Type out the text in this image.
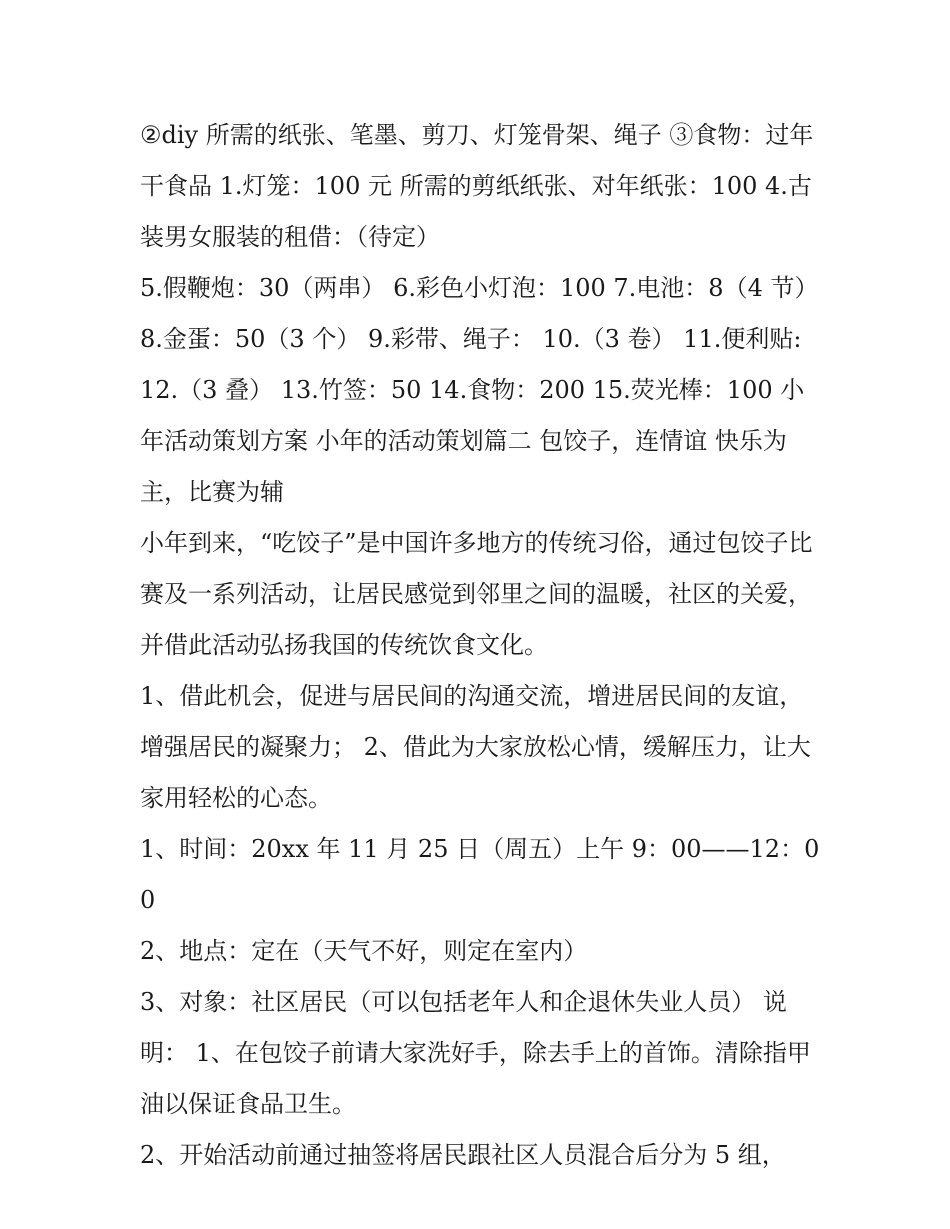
②diy 所需的纸张、笔墨、剪刀、灯笼骨架、绳子 ③食物：过年干食品 1.灯笼：100 元 所需的剪纸纸张、对年纸张：100 4.古装男女服装的租借：（待定）

5.假鞭炮：30（两串） 6.彩色小灯泡：100 7.电池：8（4 节）

8.金蛋：50（3 个） 9.彩带、绳子： 10.（3 卷） 11.便利贴:

12.（3 叠） 13.竹签：50 14.食物：200 15.荧光棒：100 小年活动策划方案 小年的活动策划篇二 包饺子，连情谊 快乐为主，比赛为辅

小年到来，“吃饺子”是中国许多地方的传统习俗，通过包饺子比赛及一系列活动，让居民感觉到邻里之间的温暖，社区的关爱，并借此活动弘扬我国的传统饮食文化。

1、借此机会，促进与居民间的沟通交流，增进居民间的友谊，增强居民的凝聚力； 2、借此为大家放松心情，缓解压力，让大家用轻松的心态。

1、时间：20xx 年 11 月 25 日（周五）上午 9：00——12：00

2、地点：定在（天气不好，则定在室内）

3、对象：社区居民（可以包括老年人和企退休失业人员） 说明： 1、在包饺子前请大家洗好手，除去手上的首饰。清除指甲油以保证食品卫生。

2、开始活动前通过抽签将居民跟社区人员混合后分为 5 组，
